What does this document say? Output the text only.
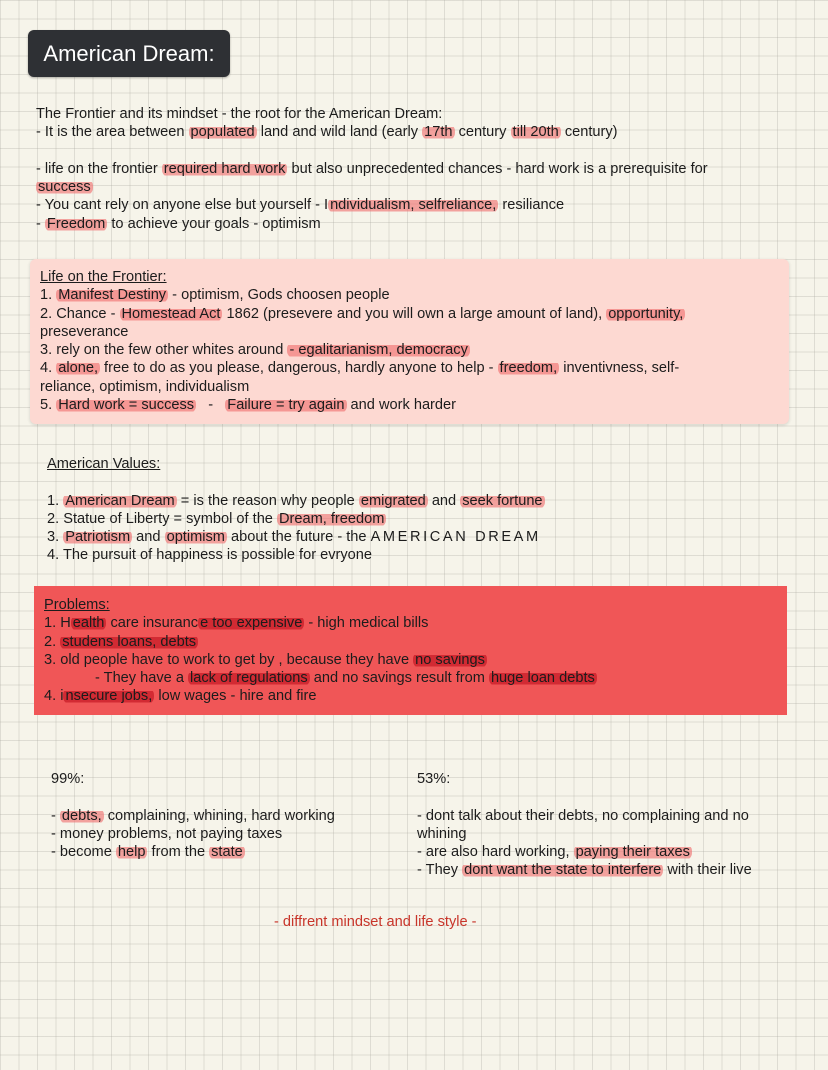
American Dream:
The Frontier and its mindset - the root for the American Dream:
- It is the area between populated land and wild land (early 17th century till 20th century)
- life on the frontier required hard work but also unprecedented chances - hard work is a prerequisite for
success
- You cant rely on anyone else but yourself - I ndividualism, selfreliance, resiliance
- Freedom to achieve your goals - optimism
Life on the Frontier:
1. Manifest Destiny - optimism, Gods choosen people
2. Chance - Homestead Act 1862 (presevere and you will own a large amount of land), opportunity,
preseverance
3. rely on the few other whites around - egalitarianism, democracy
4. alone, free to do as you please, dangerous, hardly anyone to help - freedom, inventivness, self-
reliance, optimism, individualism
5. Hard work = success   -   Failure = try again and work harder
American Values:
1. American Dream = is the reason why people emigrated and seek fortune
2. Statue of Liberty = symbol of the Dream, freedom
3. Patriotism and optimism about the future - the AMERICAN DREAM
4. The pursuit of happiness is possible for evryone
Problems:
1. H ealth care insuranc e too expensive - high medical bills
2. studens loans, debts
3. old people have to work to get by , because they have no savings
- They have a lack of regulations and no savings result from huge loan debts
4. i nsecure jobs, low wages - hire and fire
99%:
- debts, complaining, whining, hard working
- money problems, not paying taxes
- become help from the state
53%:
- dont talk about their debts, no complaining and no
whining
- are also hard working, paying their taxes
- They dont want the state to interfere with their live
- diffrent mindset and life style -
